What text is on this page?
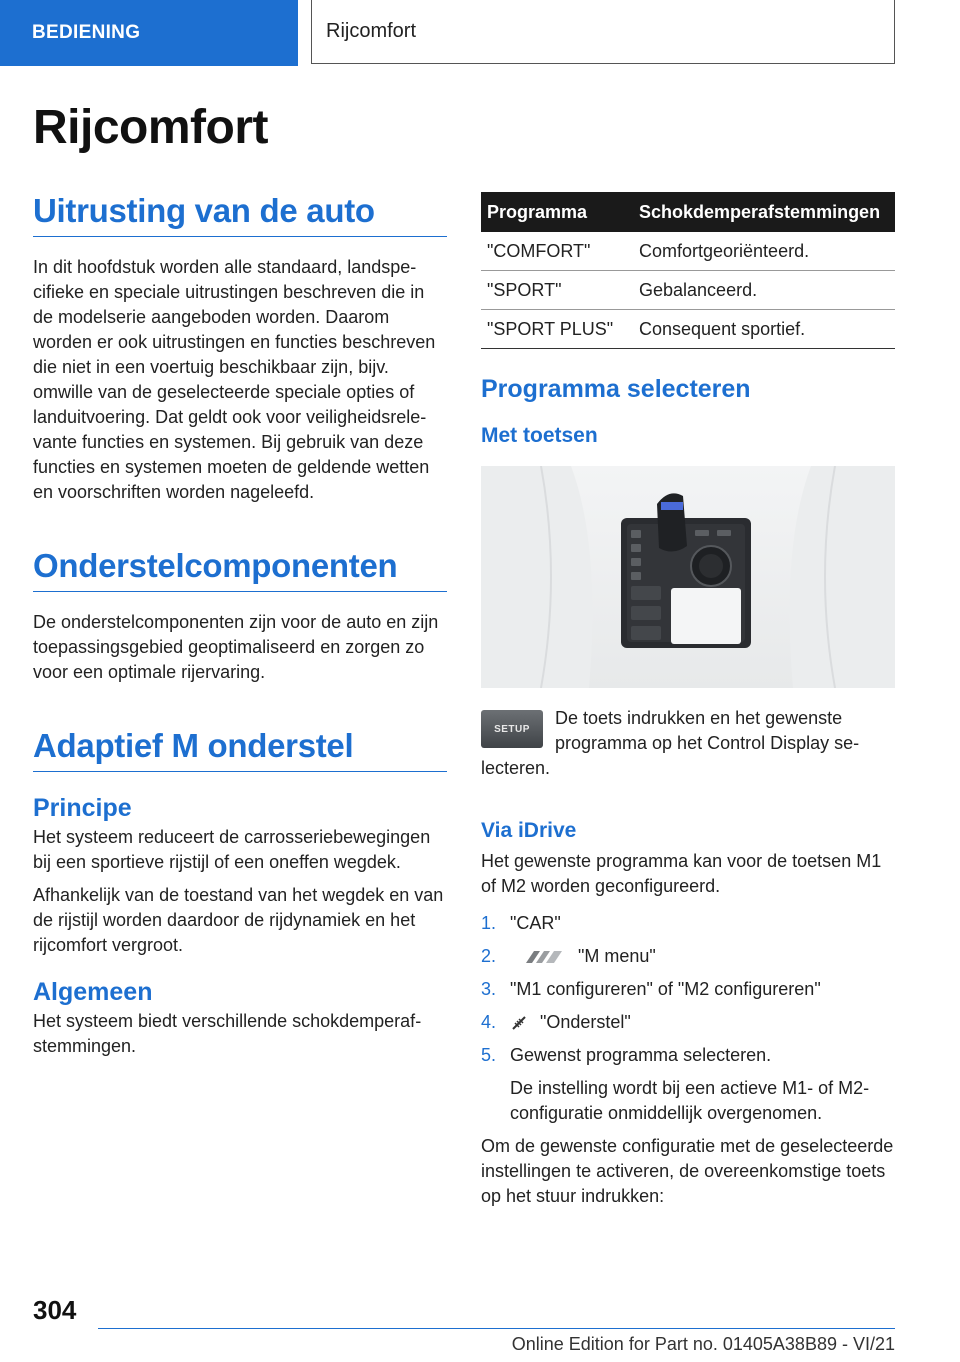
BEDIENING	Rijcomfort
Rijcomfort
Uitrusting van de auto

In dit hoofdstuk worden alle standaard, landspecifieke en speciale uitrustingen beschreven die in de modelserie aangeboden worden. Daarom worden er ook uitrustingen en functies beschreven die niet in een voertuig beschikbaar zijn, bijv. omwille van de geselecteerde speciale opties of landuitvoering. Dat geldt ook voor veiligheidsrelevante functies en systemen. Bij gebruik van deze functies en systemen moeten de geldende wetten en voorschriften worden nageleefd.

Onderstelcomponenten

De onderstelcomponenten zijn voor de auto en zijn toepassingsgebied geoptimaliseerd en zorgen zo voor een optimale rijervaring.

Adaptief M onderstel
Principe

Het systeem reduceert de carrosseriebewegingen bij een sportieve rijstijl of een oneffen wegdek.

Afhankelijk van de toestand van het wegdek en van de rijstijl worden daardoor de rijdynamiek en het rijcomfort vergroot.

Algemeen

Het systeem biedt verschillende schokdemperafstemmingen.

Programma	Schokdemperafstemmingen
"COMFORT"	Comfortgeoriënteerd.
"SPORT"	Gebalanceerd.
"SPORT PLUS"	Consequent sportief.
Programma selecteren
Met toetsen
SETUP

De toets indrukken en het gewenste programma op het Control Display selecteren.

Via iDrive

Het gewenste programma kan voor de toetsen M1 of M2 worden geconfigureerd.

1. "CAR"
2.	"M menu"
3. "M1 configureren" of "M2 configureren"
4. "Onderstel"
5. Gewenst programma selecteren.
De instelling wordt bij een actieve M1- of M2-configuratie onmiddellijk overgenomen.

Om de gewenste configuratie met de geselecteerde instellingen te activeren, de overeenkomstige toets op het stuur indrukken:

304

Online Edition for Part no. 01405A38B89 - VI/21
